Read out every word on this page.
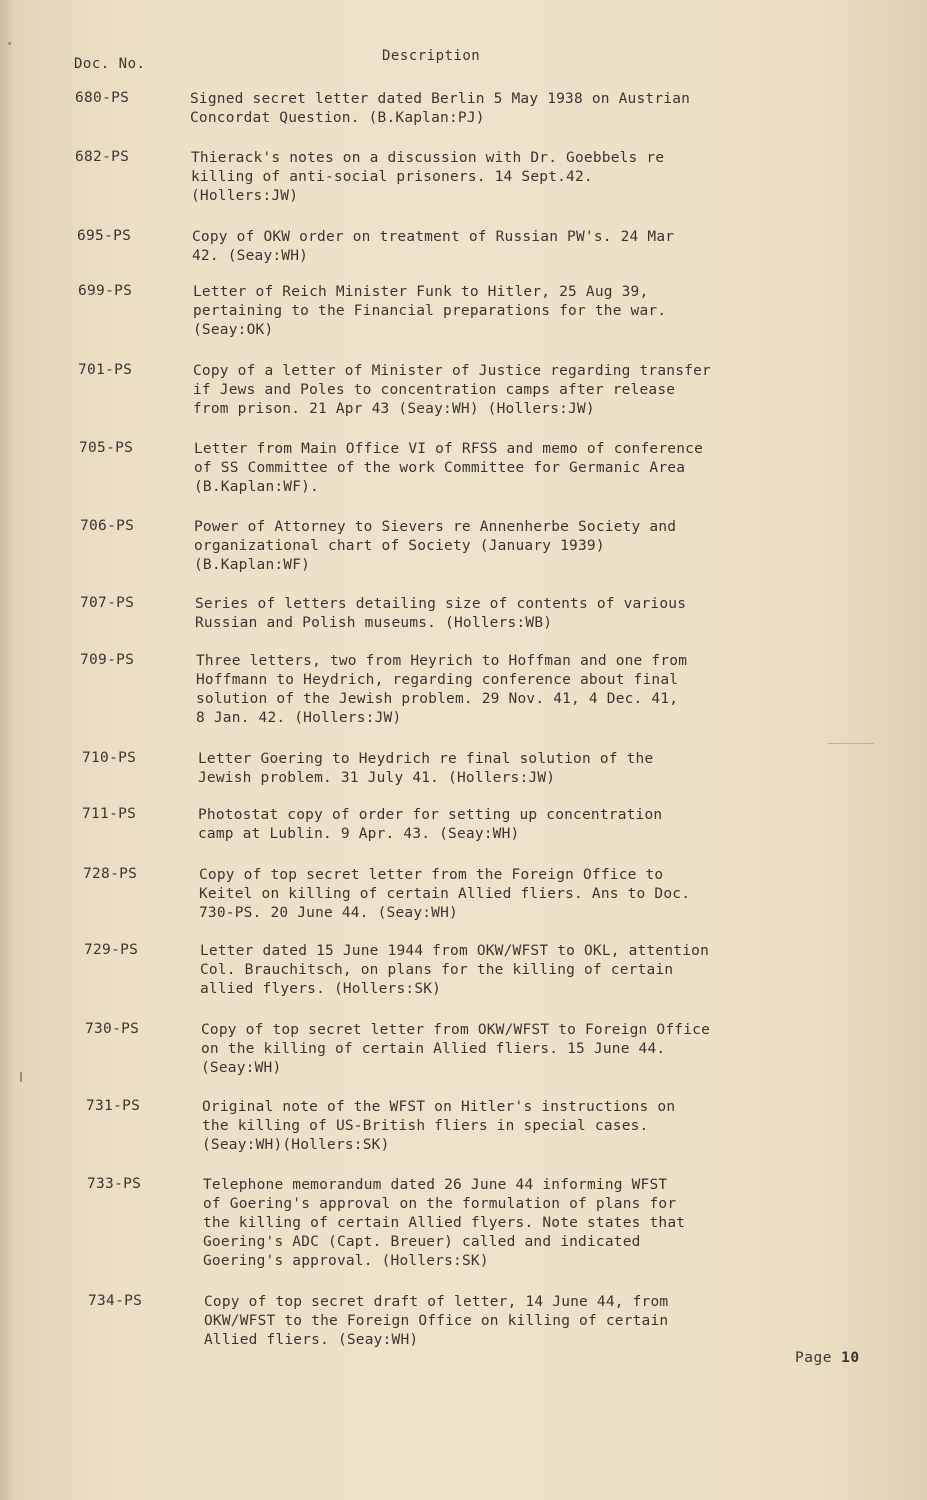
Doc. No.	Description
680-PS	Signed secret letter dated Berlin 5 May 1938 on Austrian
Concordat Question. (B.Kaplan:PJ)
682-PS	Thierack's notes on a discussion with Dr. Goebbels re
killing of anti-social prisoners. 14 Sept.42.
(Hollers:JW)
695-PS	Copy of OKW order on treatment of Russian PW's. 24 Mar
42. (Seay:WH)
699-PS	Letter of Reich Minister Funk to Hitler, 25 Aug 39,
pertaining to the Financial preparations for the war.
(Seay:OK)
701-PS	Copy of a letter of Minister of Justice regarding transfer
if Jews and Poles to concentration camps after release
from prison. 21 Apr 43 (Seay:WH) (Hollers:JW)
705-PS	Letter from Main Office VI of RFSS and memo of conference
of SS Committee of the work Committee for Germanic Area
(B.Kaplan:WF).
706-PS	Power of Attorney to Sievers re Annenherbe Society and
organizational chart of Society (January 1939)
(B.Kaplan:WF)
707-PS	Series of letters detailing size of contents of various
Russian and Polish museums. (Hollers:WB)
709-PS	Three letters, two from Heyrich to Hoffman and one from
Hoffmann to Heydrich, regarding conference about final
solution of the Jewish problem. 29 Nov. 41, 4 Dec. 41,
8 Jan. 42. (Hollers:JW)
710-PS	Letter Goering to Heydrich re final solution of the
Jewish problem. 31 July 41. (Hollers:JW)
711-PS	Photostat copy of order for setting up concentration
camp at Lublin. 9 Apr. 43. (Seay:WH)
728-PS	Copy of top secret letter from the Foreign Office to
Keitel on killing of certain Allied fliers. Ans to Doc.
730-PS. 20 June 44. (Seay:WH)
729-PS	Letter dated 15 June 1944 from OKW/WFST to OKL, attention
Col. Brauchitsch, on plans for the killing of certain
allied flyers. (Hollers:SK)
730-PS	Copy of top secret letter from OKW/WFST to Foreign Office
on the killing of certain Allied fliers. 15 June 44.
(Seay:WH)
731-PS	Original note of the WFST on Hitler's instructions on
the killing of US-British fliers in special cases.
(Seay:WH)(Hollers:SK)
733-PS	Telephone memorandum dated 26 June 44 informing WFST
of Goering's approval on the formulation of plans for
the killing of certain Allied flyers. Note states that
Goering's ADC (Capt. Breuer) called and indicated
Goering's approval. (Hollers:SK)
734-PS	Copy of top secret draft of letter, 14 June 44, from
OKW/WFST to the Foreign Office on killing of certain
Allied fliers. (Seay:WH)
Page 10
